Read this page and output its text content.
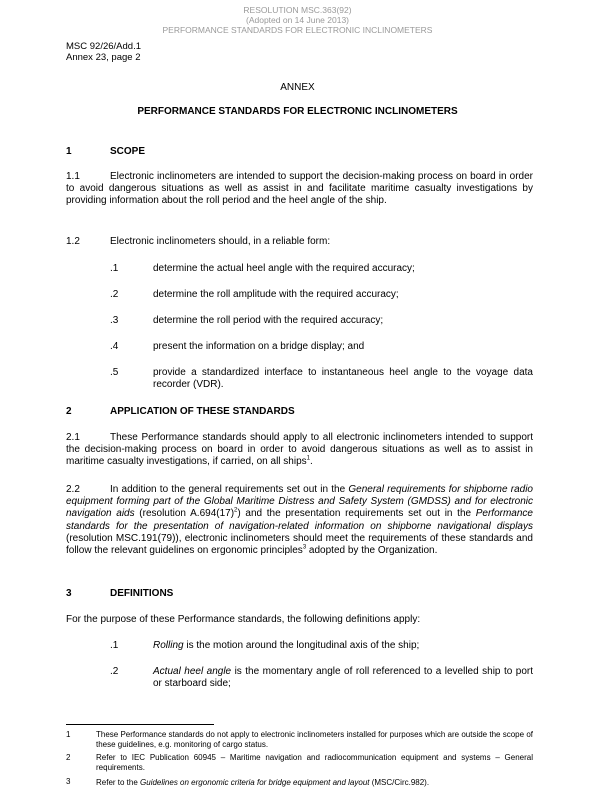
RESOLUTION MSC.363(92)
(Adopted on 14 June 2013)
PERFORMANCE STANDARDS FOR ELECTRONIC INCLINOMETERS
MSC 92/26/Add.1
Annex 23, page 2
ANNEX
PERFORMANCE STANDARDS FOR ELECTRONIC INCLINOMETERS
1	SCOPE
1.1	Electronic inclinometers are intended to support the decision-making process on board in order to avoid dangerous situations as well as assist in and facilitate maritime casualty investigations by providing information about the roll period and the heel angle of the ship.
1.2	Electronic inclinometers should, in a reliable form:
.1	determine the actual heel angle with the required accuracy;
.2	determine the roll amplitude with the required accuracy;
.3	determine the roll period with the required accuracy;
.4	present the information on a bridge display; and
.5	provide a standardized interface to instantaneous heel angle to the voyage data recorder (VDR).
2	APPLICATION OF THESE STANDARDS
2.1	These Performance standards should apply to all electronic inclinometers intended to support the decision-making process on board in order to avoid dangerous situations as well as to assist in maritime casualty investigations, if carried, on all ships$^1$.
2.2	In addition to the general requirements set out in the General requirements for shipborne radio equipment forming part of the Global Maritime Distress and Safety System (GMDSS) and for electronic navigation aids (resolution $A.694(17)^2$) and the presentation requirements set out in the Performance standards for the presentation of navigation-related information on shipborne navigational displays (resolution MSC.191(79)), electronic inclinometers should meet the requirements of these standards and follow the relevant guidelines on ergonomic principles$^3$ adopted by the Organization.
3	DEFINITIONS
For the purpose of these Performance standards, the following definitions apply:
.1	Rolling is the motion around the longitudinal axis of the ship;
.2	Actual heel angle is the momentary angle of roll referenced to a levelled ship to port or starboard side;
1	These Performance standards do not apply to electronic inclinometers installed for purposes which are outside the scope of these guidelines, e.g. monitoring of cargo status.
2	Refer to IEC Publication 60945 – Maritime navigation and radiocommunication equipment and systems – General requirements.
3	Refer to the Guidelines on ergonomic criteria for bridge equipment and layout (MSC/Circ.982).
